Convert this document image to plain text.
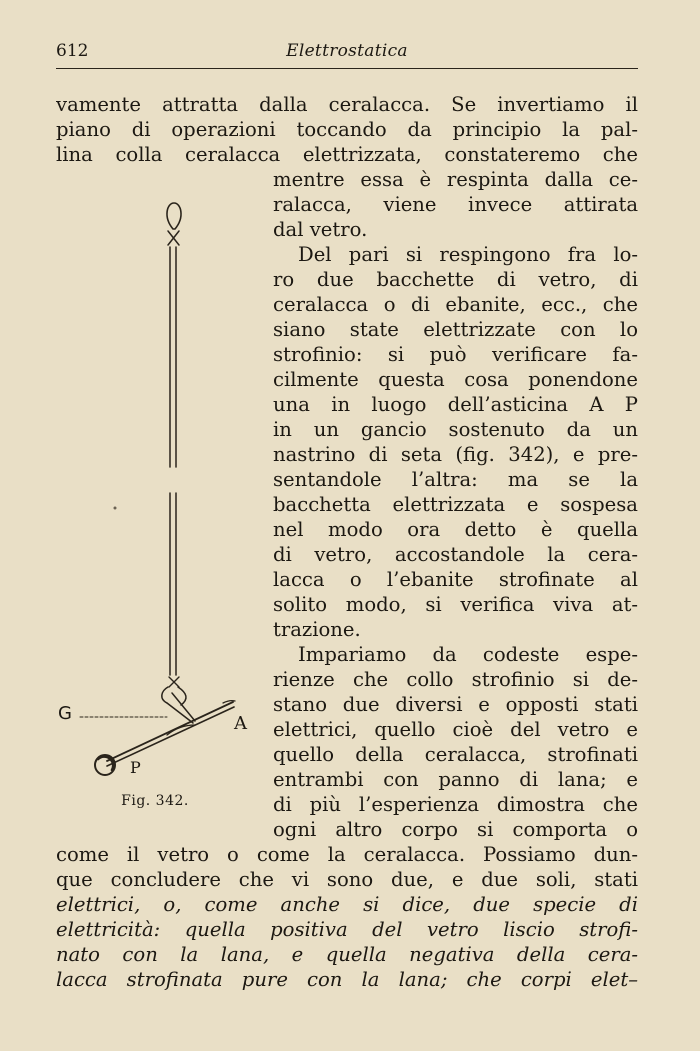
612	Elettrostatica
vamente attratta dalla ceralacca. Se invertiamo il
piano di operazioni toccando da principio la pal-
lina colla ceralacca elettrizzata, constateremo che
mentre essa è respinta dalla ce-
ralacca, viene invece attirata
dal vetro.
Del pari si respingono fra lo-
ro due bacchette di vetro, di
ceralacca o di ebanite, ecc., che
siano state elettrizzate con lo
strofinio: si può verificare fa-
cilmente questa cosa ponendone
una in luogo dell’asticina A P
in un gancio sostenuto da un
nastrino di seta (fig. 342), e pre-
sentandole l’altra: ma se la
bacchetta elettrizzata e sospesa
nel modo ora detto è quella
di vetro, accostandole la cera-
lacca o l’ebanite strofinate al
solito modo, si verifica viva at-
trazione.
Impariamo da codeste espe-
rienze che collo strofinio si de-
stano due diversi e opposti stati
elettrici, quello cioè del vetro e
quello della ceralacca, strofinati
entrambi con panno di lana; e
di più l’esperienza dimostra che
ogni altro corpo si comporta o
come il vetro o come la ceralacca. Possiamo dun-
que concludere che vi sono due, e due soli, stati
elettrici, o, come anche si dice, due specie di
elettricità: quella positiva del vetro liscio strofi-
nato con la lana, e quella negativa della cera-
lacca strofinata pure con la lana; che corpi elet–
G	A
P
Fig. 342.
